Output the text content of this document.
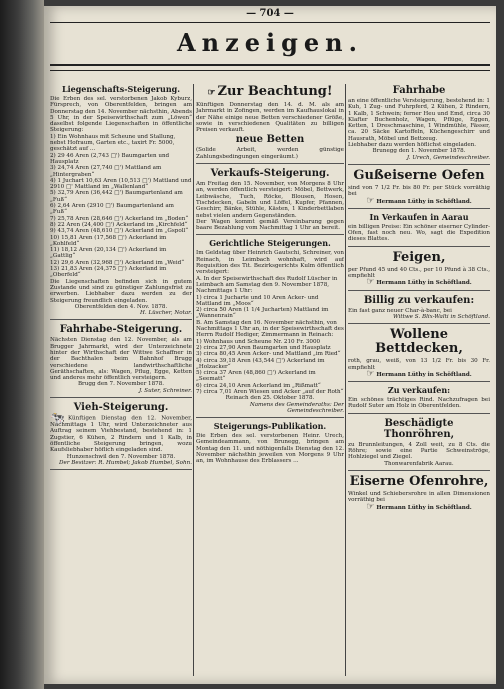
— 704 —
Anzeigen.
Liegenschafts-Steigerung.

Die Erben des sel. verstorbenen Jakob Kyburz, Fürsprech, von Oberentfelden, bringen am Donnerstag den 14. November nächsthin, Abends 5 Uhr, in der Speisewirthschaft zum „Löwen“ daselbst folgende Liegenschaften in öffentliche Steigerung:

1) Ein Wohnhaus mit Scheune und Stallung, nebst Hofraum, Garten etc., taxirt Fr. 5000, geschätzt auf ...
2) 29 46 Aren (2,743 □') Baumgarten und Hausplatz
3) 24,74 Aren (27,740 □') Mattland am „Hintergraben“
4) 1 Juchart 10,63 Aren (10,513 □') Mattland und 2910 □' Mattland im „Wallenland“
5) 32,79 Aren (36,442 □') Baumgartenland am „Fuß“
6) 2,64 Aren (2910 □') Baumgartenland am „Fuß“
7) 25,78 Aren (28,646 □') Ackerland im „Boden“
8) 22 Aren (24,400 □') Ackerland im „Kirchfeld“
9) 43,74 Aren (48,610 □') Ackerland im „Gspoll“
10) 15,81 Aren (17,568 □') Ackerland im „Kohlfeld“
11) 18,12 Aren (20,134 □') Ackerland im „Gattlig“
12) 29,6 Aren (32,968 □') Ackerland im „Weid“
13) 21,83 Aren (24,375 □') Ackerland im „Oberfeld“

Die Liegenschaften befinden sich in gutem Zustande und sind zu günstiger Zahlungsfrist zu erwerben. Liebhaber dazu werden zu der Steigerung freundlich eingeladen.

Oberentfelden den 4. Nov. 1878.

H. Lüscher, Notar.

Fahrhabe-Steigerung.

Nächsten Dienstag den 12. November, als am Brugger Jahrmarkt, wird der Unterzeichnete hinter der Wirthschaft der Wittwe Schaffner in der Bachthalen beim Bahnhof Brugg verschiedene landwirthschaftliche Geräthschaften, als: Wagen, Pflug, Egge, Ketten und anderes mehr öffentlich versteigern.

Brugg den 7. November 1878.

J. Suter, Schreiner.

Vieh-Steigerung.

🐄 Künftigen Dienstag den 12. November, Nachmittags 1 Uhr, wird Unterzeichneter aus Auftrag seinem Viehbestand, bestehend in: 1 Zugstier, 6 Kühen, 2 Rindern und 1 Kalb, in öffentliche Steigerung bringen, wozu Kaufsliebhaber höflich eingeladen sind.

Hunzenschwil den 7. November 1878.

Der Besitzer: R. Humbel; Jakob Humbel, Sohn.

☞ Zur Beachtung!

Künftigen Donnerstag den 14. d. M. als am Jahrmarkt in Zofingen, werden im Kaufhauslokal in der Nähe einige neue Betten verschiedener Größe, sowie in verschiedenen Qualitäten zu billigen Preisen verkauft.

neue Betten

(Solide Arbeit, werden günstige Zahlungsbedingungen eingeräumt.)

Verkaufs-Steigerung.

Am Freitag den 15. November, von Morgens 8 Uhr an, werden öffentlich versteigert: Möbel, Bettwerk, Leibwäsche, Tuch, Röcke, Blousen, Hosen, Tischdecken, Gabeln und Löffel, Kupfer, Pfannen, Geschirr, Bänke, Stühle, Kästen, 1 Kinderbettlaben nebst vielen andern Gegenständen.

Der Wagen kommt gemäß Vereinbarung gegen baare Bezahlung vom Nachmittag 1 Uhr an bereit.

Gerichtliche Steigerungen.

Im Geldstag über Heinrich Gautschi, Schreiner, von Reinach, in Leimbach wohnhaft, wird auf Requisition des Tit. Bezirksgerichts Kulm öffentlich versteigert:

A. In der Speisewirthschaft des Rudolf Lüscher in Leimbach am Samstag den 9. November 1878, Nachmittags 1 Uhr:
1) circa 1 Jucharte und 10 Aren Acker- und Mattland im „Moos“
2) circa 50 Aren (1 1/4 Jucharten) Mattland im „Wannenrain“
B. Am Samstag den 16. November nächsthin, von Nachmittags 1 Uhr an, in der Speisewirthschaft des Herrn Rudolf Hediger, Zimmermann in Reinach:
1) Wohnhaus und Scheune Nr. 210 Fr. 3000
2) circa 27,90 Aren Baumgarten und Hausplatz
3) circa 80,45 Aren Acker- und Mattland „im Ried“
4) circa 39,18 Aren (43,544 □') Ackerland im „Holzacker“
5) circa 37 Aren (48,860 □') Ackerland im „Seematt“
6) circa 24,10 Aren Ackerland im „Rißmatt“
7) circa 7,01 Aren Wiesen und Acker „auf der Roth“

Reinach den 25. Oktober 1878.

Namens des Gemeinderaths: Der Gemeindeschreiber.

Steigerungs-Publikation.

Die Erben des sel. verstorbenen Heinr. Urech, Gemeindeammann, von Brunegg, bringen am Montag den 11. und nöthigenfalls Dienstag den 12. November nächsthin jeweilen von Morgens 9 Uhr an, im Wohnhause des Erblassers ...

Fahrhabe

an eine öffentliche Versteigerung, bestehend in: 1 Kuh, 1 Zug- und Fuhrpferd, 2 Kühen, 2 Rindern, 1 Kalb, 1 Schwein; ferner Heu und Emd, circa 30 Klafter Buchenholz, Wagen, Pflüge, Eggen, Ketten, 1 Dreschmaschine, 1 Windmühle, Fässer, ca. 20 Säcke Kartoffeln, Küchengeschirr und Hausrath, Möbel und Bettzeug.

Liebhaber dazu werden höflichst eingeladen.

Brunegg den 1. November 1878.

J. Urech, Gemeindeschreiber.

Gußeiserne Oefen

sind von 7 1/2 Fr. bis 80 Fr. per Stück vorräthig bei

☞ Hermann Lüthy in Schöftland.

In Verkaufen in Aarau

ein billigen Preise: Ein schöner eiserner Cylinder-Ofen, fast noch neu. Wo, sagt die Expedition dieses Blattes.

Feigen,

per Pfund 45 und 40 Cts., per 10 Pfund à 38 Cts., empfiehlt

☞ Hermann Lüthy in Schöftland.

Billig zu verkaufen:

Ein fast ganz neuer Char-à-banc, bei

Wittwe S. Blix-Walti in Schöftland.

Wollene Bettdecken,

roth, grau, weiß, von 13 1/2 Fr. bis 30 Fr. empfiehlt

☞ Hermann Lüthy in Schöftland.

Zu verkaufen:

Ein schönes trächtiges Rind. Nachzufragen bei Rudolf Suter am Holz in Oberentfelden.

Beschädigte Thonröhren,

zu Brunnleitungen, 4 Zoll weit, zu 8 Cts. die Röhre; sowie eine Partie Schweinströge, Hohlziegel und Ziegel.

Thonwarenfabrik Aarau.

Eiserne Ofenrohre,

Winkel und Schiebersrohre in allen Dimensionen vorräthig bei

☞ Hermann Lüthy in Schöftland.
